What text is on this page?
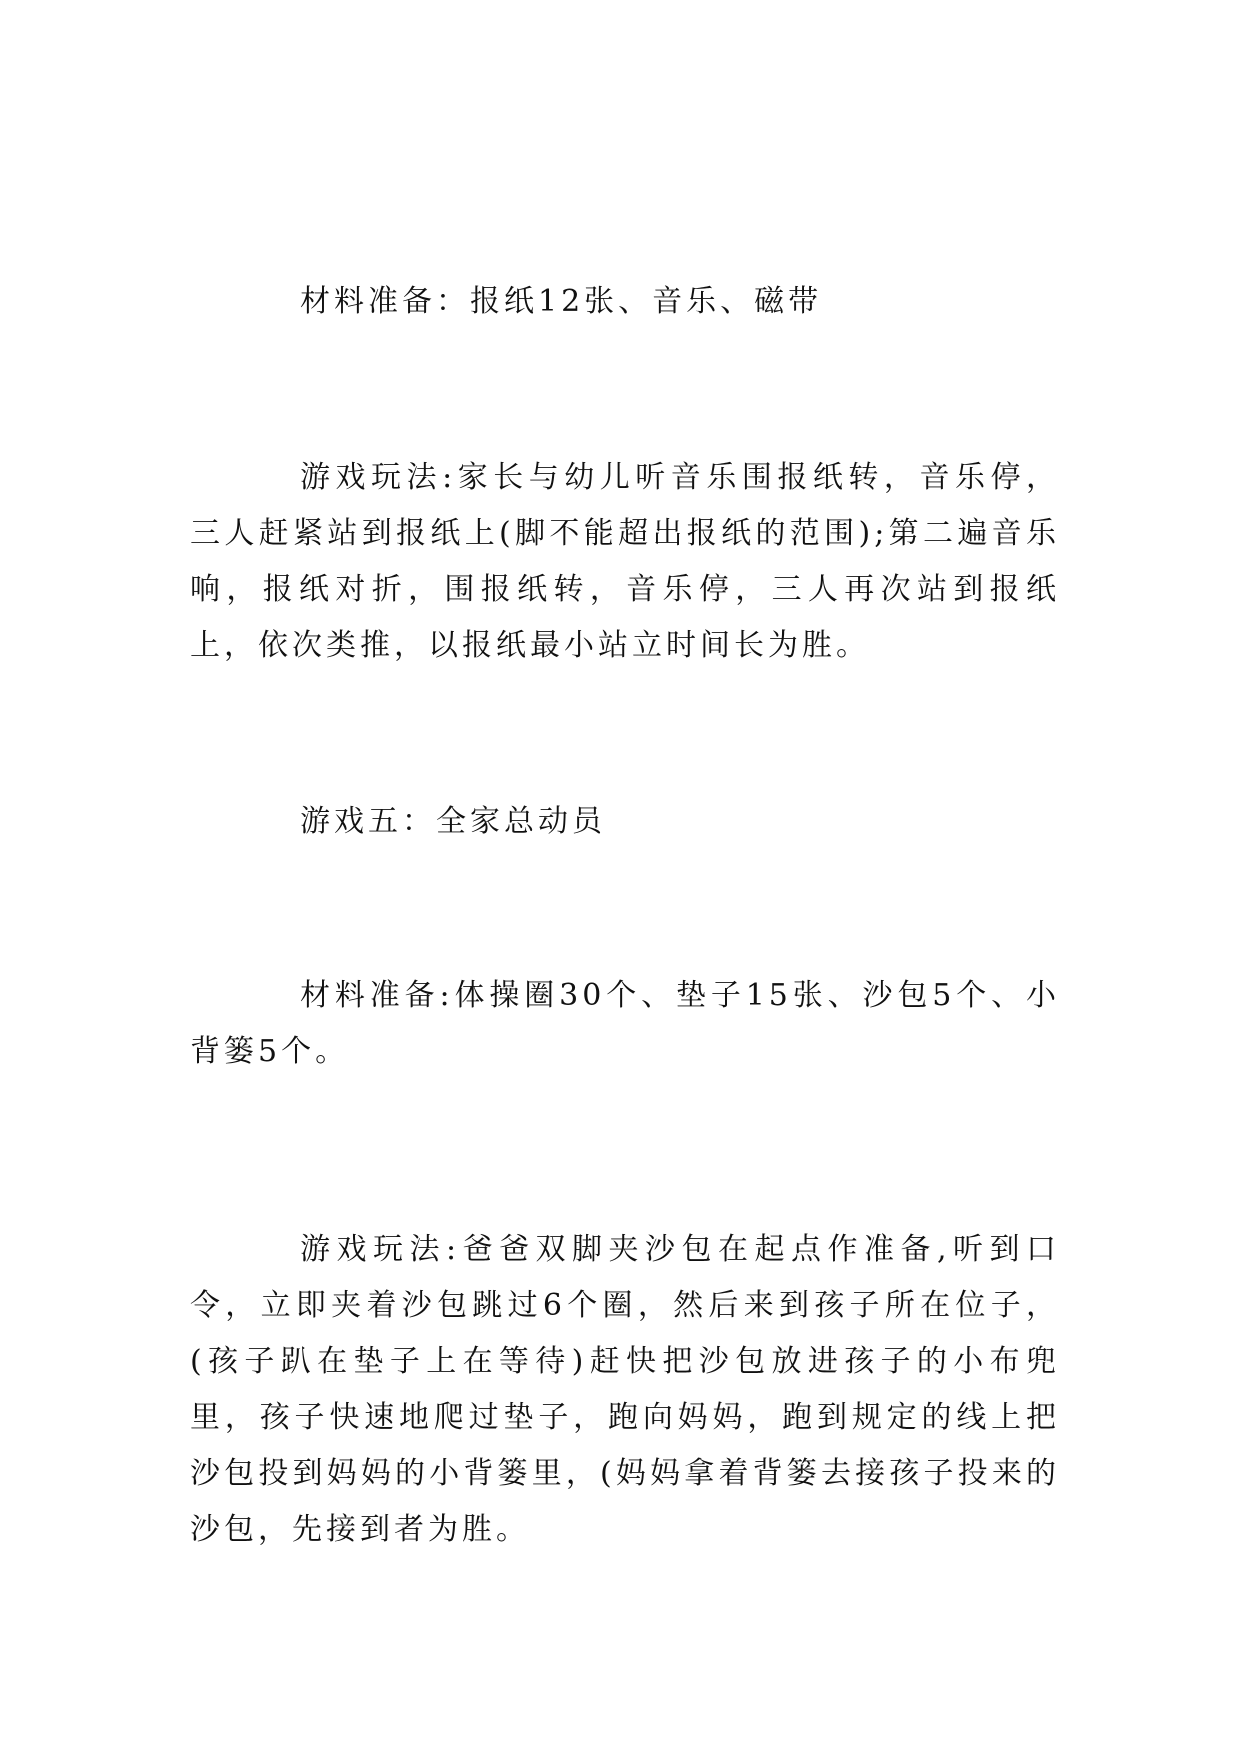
材料准备：报纸12张、音乐、磁带

游戏玩法:家长与幼儿听音乐围报纸转，音乐停，三人赶紧站到报纸上(脚不能超出报纸的范围);第二遍音乐响，报纸对折，围报纸转，音乐停，三人再次站到报纸上，依次类推，以报纸最小站立时间长为胜。

游戏五：全家总动员

材料准备:体操圈30个、垫子15张、沙包5个、小背篓5个。

游戏玩法:爸爸双脚夹沙包在起点作准备,听到口令，立即夹着沙包跳过6个圈，然后来到孩子所在位子，(孩子趴在垫子上在等待)赶快把沙包放进孩子的小布兜里，孩子快速地爬过垫子，跑向妈妈，跑到规定的线上把沙包投到妈妈的小背篓里，(妈妈拿着背篓去接孩子投来的沙包，先接到者为胜。
